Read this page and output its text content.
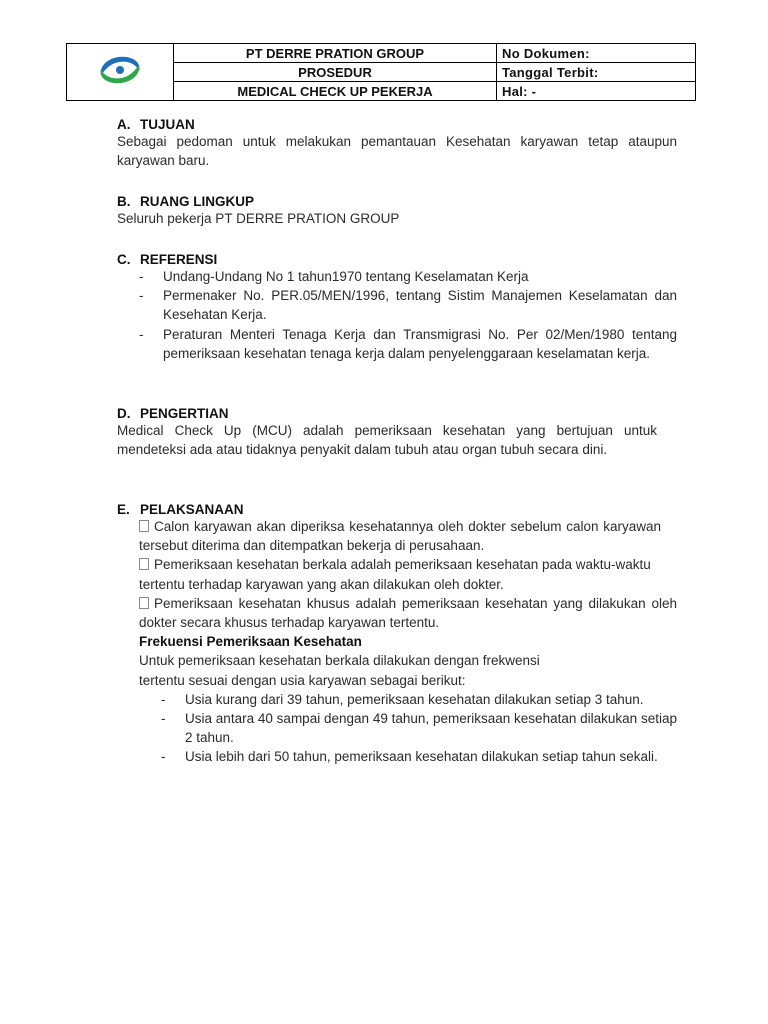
	PT DERRE PRATION GROUP	No Dokumen:
	PROSEDUR	Tanggal Terbit:
	MEDICAL CHECK UP PEKERJA	Hal: -
A. TUJUAN

Sebagai pedoman untuk melakukan pemantauan Kesehatan karyawan tetap ataupun karyawan baru.

B. RUANG LINGKUP

Seluruh pekerja PT DERRE PRATION GROUP

C. REFERENSI
-	Undang-Undang No 1 tahun1970 tentang Keselamatan Kerja
-	Permenaker No. PER.05/MEN/1996, tentang Sistim Manajemen Keselamatan dan Kesehatan Kerja.
-	Peraturan Menteri Tenaga Kerja dan Transmigrasi No. Per 02/Men/1980 tentang pemeriksaan kesehatan tenaga kerja dalam penyelenggaraan keselamatan kerja.
D. PENGERTIAN

Medical Check Up (MCU) adalah pemeriksaan kesehatan yang bertujuan untuk mendeteksi ada atau tidaknya penyakit dalam tubuh atau organ tubuh secara dini.

E. PELAKSANAAN

Calon karyawan akan diperiksa kesehatannya oleh dokter sebelum calon karyawan tersebut diterima dan ditempatkan bekerja di perusahaan.

Pemeriksaan kesehatan berkala adalah pemeriksaan kesehatan pada waktu-waktu

tertentu terhadap karyawan yang akan dilakukan oleh dokter.

Pemeriksaan kesehatan khusus adalah pemeriksaan kesehatan yang dilakukan oleh dokter secara khusus terhadap karyawan tertentu.

Frekuensi Pemeriksaan Kesehatan

Untuk pemeriksaan kesehatan berkala dilakukan dengan frekwensi

tertentu sesuai dengan usia karyawan sebagai berikut:

-	Usia kurang dari 39 tahun, pemeriksaan kesehatan dilakukan setiap 3 tahun.
-	Usia antara 40 sampai dengan 49 tahun, pemeriksaan kesehatan dilakukan setiap 2 tahun.
-	Usia lebih dari 50 tahun, pemeriksaan kesehatan dilakukan setiap tahun sekali.
